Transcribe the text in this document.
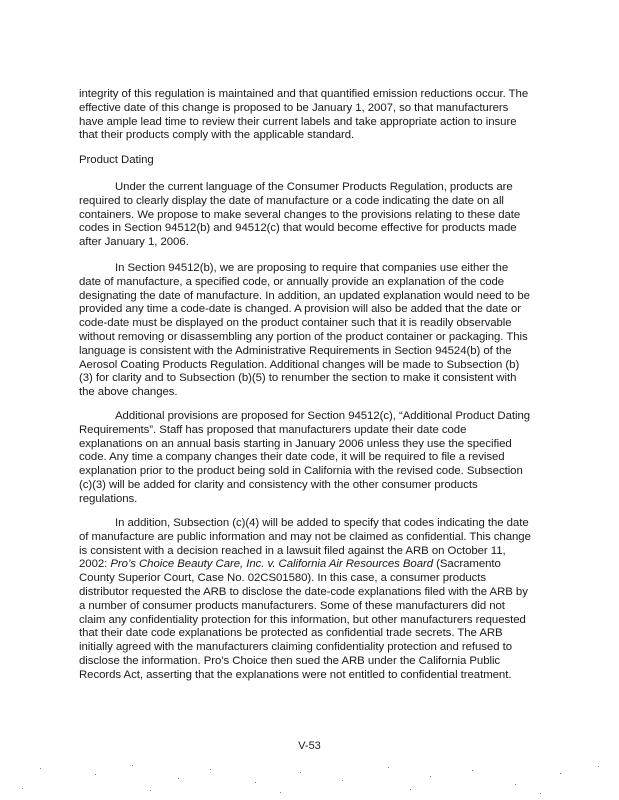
integrity of this regulation is maintained and that quantified emission reductions occur. The effective date of this change is proposed to be January 1, 2007, so that manufacturers have ample lead time to review their current labels and take appropriate action to insure that their products comply with the applicable standard.

Product Dating

Under the current language of the Consumer Products Regulation, products are required to clearly display the date of manufacture or a code indicating the date on all containers. We propose to make several changes to the provisions relating to these date codes in Section 94512(b) and 94512(c) that would become effective for products made after January 1, 2006.

In Section 94512(b), we are proposing to require that companies use either the date of manufacture, a specified code, or annually provide an explanation of the code designating the date of manufacture. In addition, an updated explanation would need to be provided any time a code-date is changed. A provision will also be added that the date or code-date must be displayed on the product container such that it is readily observable without removing or disassembling any portion of the product container or packaging. This language is consistent with the Administrative Requirements in Section 94524(b) of the Aerosol Coating Products Regulation. Additional changes will be made to Subsection (b)(3) for clarity and to Subsection (b)(5) to renumber the section to make it consistent with the above changes.

Additional provisions are proposed for Section 94512(c), “Additional Product Dating Requirements”. Staff has proposed that manufacturers update their date code explanations on an annual basis starting in January 2006 unless they use the specified code. Any time a company changes their date code, it will be required to file a revised explanation prior to the product being sold in California with the revised code. Subsection (c)(3) will be added for clarity and consistency with the other consumer products regulations.

In addition, Subsection (c)(4) will be added to specify that codes indicating the date of manufacture are public information and may not be claimed as confidential. This change is consistent with a decision reached in a lawsuit filed against the ARB on October 11, 2002: Pro’s Choice Beauty Care, Inc. v. California Air Resources Board (Sacramento County Superior Court, Case No. 02CS01580). In this case, a consumer products distributor requested the ARB to disclose the date-code explanations filed with the ARB by a number of consumer products manufacturers. Some of these manufacturers did not claim any confidentiality protection for this information, but other manufacturers requested that their date code explanations be protected as confidential trade secrets. The ARB initially agreed with the manufacturers claiming confidentiality protection and refused to disclose the information. Pro’s Choice then sued the ARB under the California Public Records Act, asserting that the explanations were not entitled to confidential treatment.

V-53
